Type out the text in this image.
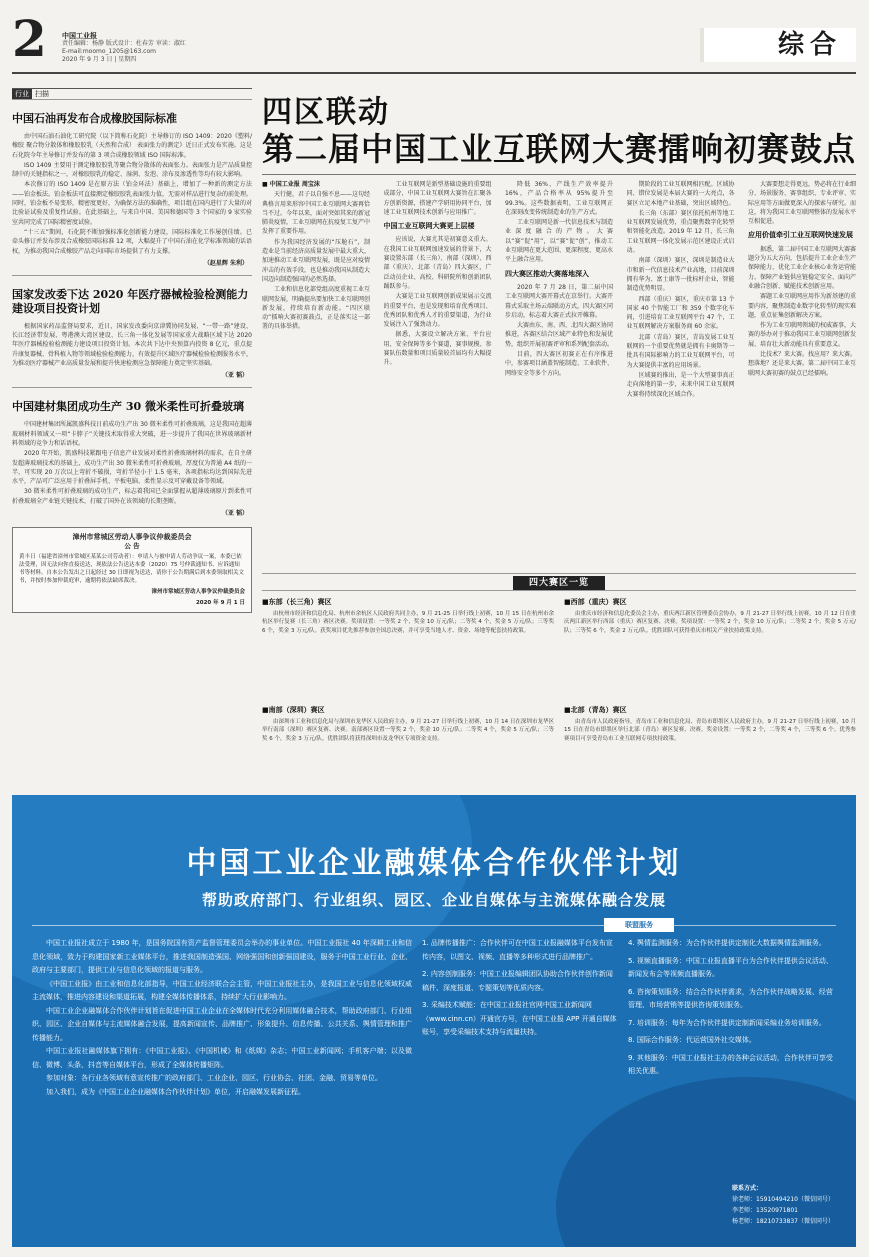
2 中国工业报
责任编辑：杨静 版式设计：杜春芳 审读：淑红
E-mail:moomo_1205@163.com
2020 年 9 月 3 日 | 星期四	综合
行业 扫描
中国石油再发布合成橡胶国际标准

由中国石油石油化工研究院（以下简称石化院）主导修订的 ISO 1409：2020《塑料/橡胶 聚合物分散体和橡胶胶乳（天然和合成） 表面张力的测定》近日正式发布实施。这是石化院今年主导修订并发布的第 3 项合成橡胶领域 ISO 国际标准。

ISO 1409 主要用于测定橡胶胶乳等聚合物分散体的表面张力。表面张力是产品质量控制中的关键指标之一，对橡胶胶乳的稳定、湿润、发泡、涂布及渗透性等均有较大影响。

本次修订的 ISO 1409 是在原方法（铂金环法）基础上，增加了一种新的测定方法——铂金板法。铂金板法可直接测定橡胶胶乳表面张力值，无需对样品进行复杂的前处理。同时，铂金板不易变形，精密度更好，为确保方法的准确性，项目组在国内进行了大量的对比验证试验及重复性试验。在此基础上，与来自中国、美国和德国等 3 个国家的 9 家实验室共同完成了国际精密度试验。

“十三五”期间，石化院不断加强标准化创新能力建设，国际标准化工作屡创佳绩。已牵头修订并发布涉及合成橡胶国际标准 12 项，大幅提升了中国石油在化学标准领域的话语权，为推动我国合成橡胶产品走向国际市场提供了有力支撑。

（赵星辉 朱利）
国家发改委下达 2020 年医疗器械检验检测能力建设项目投资计划

根据国家药品监督局要求，近日，国家发改委向京津冀协同发展、“一带一路”建设、长江经济带发展、粤港澳大湾区建设、长三角一体化发展等国家重大战略区域下达 2020 年医疗器械检验检测能力建设项目投资计划。本次共下达中央预算内投资 8 亿元，重点提升康复器械、骨科植入物等领域检验检测能力，有效提升区域医疗器械检验检测服务水平，为推动医疗器械产业高质量发展和提升快速检测应急保障能力奠定坚实基础。

（亚 韬）
中国建材集团成功生产 30 微米柔性可折叠玻璃

中国建材集团所属凯盛科技日前成功生产出 30 微米柔性可折叠玻璃，这是我国在超薄玻璃材料领域又一项“卡脖子”关键技术取得重大突破，进一步提升了我国在世界玻璃新材料领域的竞争力和话语权。

2020 年开始，凯盛科技紧跟电子信息产业发展对柔性折叠玻璃材料的需求，在自主研发超薄玻璃技术的基础上，成功生产出 30 微米柔性可折叠玻璃，厚度仅为普通 A4 纸的一半，可实现 20 万次以上弯折不破损，弯折半径小于 1.5 毫米，各项指标均达到国际先进水平，产品可广泛应用于折叠屏手机、平板电脑、柔性显示及可穿戴设备等领域。

30 微米柔性可折叠玻璃的成功生产，标志着我国已全面掌握从超薄玻璃原片到柔性可折叠玻璃全产业链关键技术，打破了国外在该领域的长期垄断。

（亚 韬）
漳州市常城区劳动人事争议仲裁委员会
公 告
黄丰日（福建省漳州市常城区某某公司劳动者）：申请人与被申请人劳动争议一案，本委已依法受理，因无法向你直接送达，现依法公告送达本委（2020）75 号仲裁通知书、应诉通知书等材料。自本公告发出之日起经过 30 日即视为送达，请你于公告期满后到本委领取相关文书，并按时参加仲裁庭审，逾期将依法缺席裁决。
漳州市常城区劳动人事争议仲裁委员会
2020 年 9 月 1 日
四区联动
第二届中国工业互联网大赛擂响初赛鼓点

■ 中国工业报 周宝沫

天行健，君子以自强不息——这句经典格言用来形容中国工业互联网大赛再恰当不过。今年以来，面对突如其来的新冠肺炎疫情，工业互联网在抗疫复工复产中发挥了重要作用。

作为我国经济发展的“压舱石”，制造业是当前经济高质量发展中最大重大，加速推动工业互联网发展，既是应对疫情冲击的有效手段，也是推动我国从制造大国迈向制造强国的必然选择。

工业和信息化部党组高度重视工业互联网发展，明确提出要加快工业互联网创新发展，持续培育新动能。“四区联动”擂响大赛初赛鼓点，正是落实这一部署的具体举措。

工业互联网是新型基础设施的重要组成部分，中国工业互联网大赛旨在汇聚各方创新资源，搭建产学研用协同平台，加速工业互联网技术创新与应用推广。

中国工业互联网大赛更上层楼

应该说，大赛尤其是初赛意义重大。在我国工业互联网加速发展的背景下，大赛设置东部（长三角）、南部（深圳）、西部（重庆）、北部（青岛）四大赛区，广泛动员企业、高校、科研院所和创新团队踊跃参与。

大赛是工业互联网创新成果展示交流的重要平台，也是发现和培育优秀项目、优秀团队和优秀人才的重要渠道，为行业发展注入了强劲动力。

据悉，大赛设立解决方案、平台应用、安全保障等多个赛道，赛事规模、参赛队伍数量和项目质量较首届均有大幅提升。

降低 36%，产线生产效率提升 16%，产品合格率从 95%提升至 99.3%。这些数据表明，工业互联网正在深刻改变传统制造业的生产方式。

工业互联网是新一代信息技术与制造业深度融合的产物。大赛以“赛”促“用”，以“赛”促“创”，推动工业互联网在更大范围、更深程度、更高水平上融合应用。

四大赛区推动大赛落地深入

2020 年 7 月 28 日，第二届中国工业互联网大赛开幕式在京举行。大赛开幕式采取主场云端联动方式，四大赛区同步启动，标志着大赛正式拉开帷幕。

大赛由东、南、西、北四大赛区协同推进，各赛区结合区域产业特色和发展优势，组织开展初赛评审和系列配套活动。

目前，四大赛区初赛正在有序推进中，参赛项目涵盖智能制造、工业软件、网络安全等多个方向。

期阶段的工业互联网相匹配。区域协同、错位发展是本届大赛的一大亮点，各赛区立足本地产业基础，突出区域特色。

长三角（东部）赛区依托杭州等地工业互联网发展优势，重点聚焦数字化转型和智能化改造。2019 年 12 月，长三角工业互联网一体化发展示范区建设正式启动。

南部（深圳）赛区，深圳是制造业大市和新一代信息技术产业高地，目前深圳拥有华为、富士康等一批标杆企业，智能制造优势明显。

西部（重庆）赛区，重庆市第 13 个国家 40 个智能工厂和 359 个数字化车间，引进培育工业互联网平台 47 个，工业互联网解决方案服务商 60 余家。

北部（青岛）赛区，青岛发展工业互联网的一个重要优势就是拥有卡奥斯等一批具有国际影响力的工业互联网平台，可为大赛提供丰富的应用场景。

区域赛的推出，是一个大型赛事真正走向落地的第一步，未来中国工业互联网大赛将持续深化区域合作。

大赛要想走得更远，势必将在行业细分、场景服务、赛事组织、专业评审、实际应用等方面做更深入的探索与研究。而这，将为我国工业互联网整体的发展水平互相促进。

应用价值牵引工业互联网快速发展

据悉，第二届中国工业互联网大赛赛题分为五大方向，包括提升工业企业生产保障能力、优化工业企业核心业务运营能力、保障产业链供应链稳定安全、面向产业融合创新、赋能技术创新应用。

赛题工业互联网应用作为新基建的重要内容，聚焦制造业数字化转型的现实难题，重点征集创新解决方案。

作为工业互联网领域的权威赛事，大赛的举办对于推动我国工业互联网创新发展、培育壮大新动能具有重要意义。

比技术？来大赛。找应用？来大赛。想落地？还是来大赛。第二届中国工业互联网大赛初赛的鼓点已经擂响。

四大赛区一览
■东部（长三角）赛区

由杭州市经济和信息化局、杭州市余杭区人民政府共同主办，9 月 21-25 日举行线上初赛，10 月 15 日在杭州市余杭区举行复赛（长三角）赛区决赛。奖项设置：一等奖 2 个，奖金 10 万元/队；二等奖 4 个，奖金 5 万元/队；三等奖 6 个，奖金 3 万元/队。获奖项目优先推荐参加全国总决赛，并可享受当地人才、资金、场地等配套扶持政策。

■西部（重庆）赛区

由重庆市经济和信息化委员会主办，重庆两江新区管理委员会协办，9 月 21-27 日举行线上初赛，10 月 12 日在重庆两江新区举行西部（重庆）赛区复赛、决赛。奖项设置：一等奖 2 个，奖金 10 万元/队；二等奖 2 个，奖金 5 万元/队；三等奖 6 个，奖金 2 万元/队。优胜团队可获得重庆市相关产业扶持政策支持。

■南部（深圳）赛区

由深圳市工业和信息化局与深圳市龙华区人民政府主办，9 月 21-27 日举行线上初赛，10 月 14 日在深圳市龙华区举行南部（深圳）赛区复赛、决赛。南部赛区设置一等奖 2 个，奖金 10 万元/队；二等奖 4 个，奖金 5 万元/队；三等奖 6 个，奖金 3 万元/队。优胜团队将获得深圳市及龙华区专项资金支持。

■北部（青岛）赛区

由青岛市人民政府指导，青岛市工业和信息化局、青岛市即墨区人民政府主办，9 月 21-27 日举行线上初赛，10 月 15 日在青岛市即墨区举行北部（青岛）赛区复赛、决赛。奖金设置：一等奖 2 个，二等奖 4 个，三等奖 6 个。优秀参赛项目可享受青岛市工业互联网专项扶持政策。

中国工业企业融媒体合作伙伴计划
帮助政府部门、行业组织、园区、企业自媒体与主流媒体融合发展
联盟服务

中国工业报社成立于 1980 年，是国务院国有资产监督管理委员会举办的事业单位。中国工业报社 40 年深耕工业和信息化领域，致力于构建国家新工业媒体平台，推进我国制造强国、网络强国和创新强国建设，服务于中国工业行业、企业、政府与主要部门，提供工业与信息化领域的报道与服务。

《中国工业报》由工业和信息化部指导，中国工业经济联合会主管，中国工业报社主办，是我国工业与信息化领域权威主流媒体，推进内容建设和渠道拓展，构建全媒体传播体系，持续扩大行业影响力。

中国工业企业融媒体合作伙伴计划旨在促进中国工业企业在全媒体时代充分利用媒体融合技术，帮助政府部门、行业组织、园区、企业自媒体与主流媒体融合发展，提高新闻宣传、品牌推广、形象提升、信息传播、公共关系、舆情管理和推广传播能力。

中国工业报社融媒体旗下拥有：《中国工业报》、《中国机械》和《纸媒》杂志；中国工业新闻网；手机客户端；以及微信、微博、头条、抖音等自媒体平台，形成了全媒体传播矩阵。

参加对象：各行业各领域有意宣传推广的政府部门、工业企业、园区、行业协会、社团、金融、贸易等单位。

加入我们，成为《中国工业企业融媒体合作伙伴计划》单位，开启融媒发展新征程。

1. 品牌传播推广：合作伙伴可在中国工业报融媒体平台发布宣传内容，以图文、视频、直播等多种形式进行品牌推广。

2. 内容创制服务：中国工业报编辑团队协助合作伙伴创作新闻稿件、深度报道、专题策划等优质内容。

3. 采编技术赋能：在中国工业报社官网中国工业新闻网（www.cinn.cn）开通官方号，在中国工业报 APP 开通自媒体账号，享受采编技术支持与流量扶持。

4. 舆情监测服务：为合作伙伴提供定制化大数据舆情监测服务。

5. 视频直播服务：中国工业报直播平台为合作伙伴提供会议活动、新闻发布会等视频直播服务。

6. 咨询策划服务：结合合作伙伴需求，为合作伙伴战略发展、经营管理、市场营销等提供咨询策划服务。

7. 培训服务：每年为合作伙伴提供定制新闻采编业务培训服务。

8. 国际合作服务：代运营国外社交媒体。

9. 其他服务：中国工业报社主办的各种会议活动，合作伙伴可享受相关优惠。

联系方式：
徐老师：15910494210（微信同号）
李老师：13520971801
杨老师：18210733837（微信同号）
